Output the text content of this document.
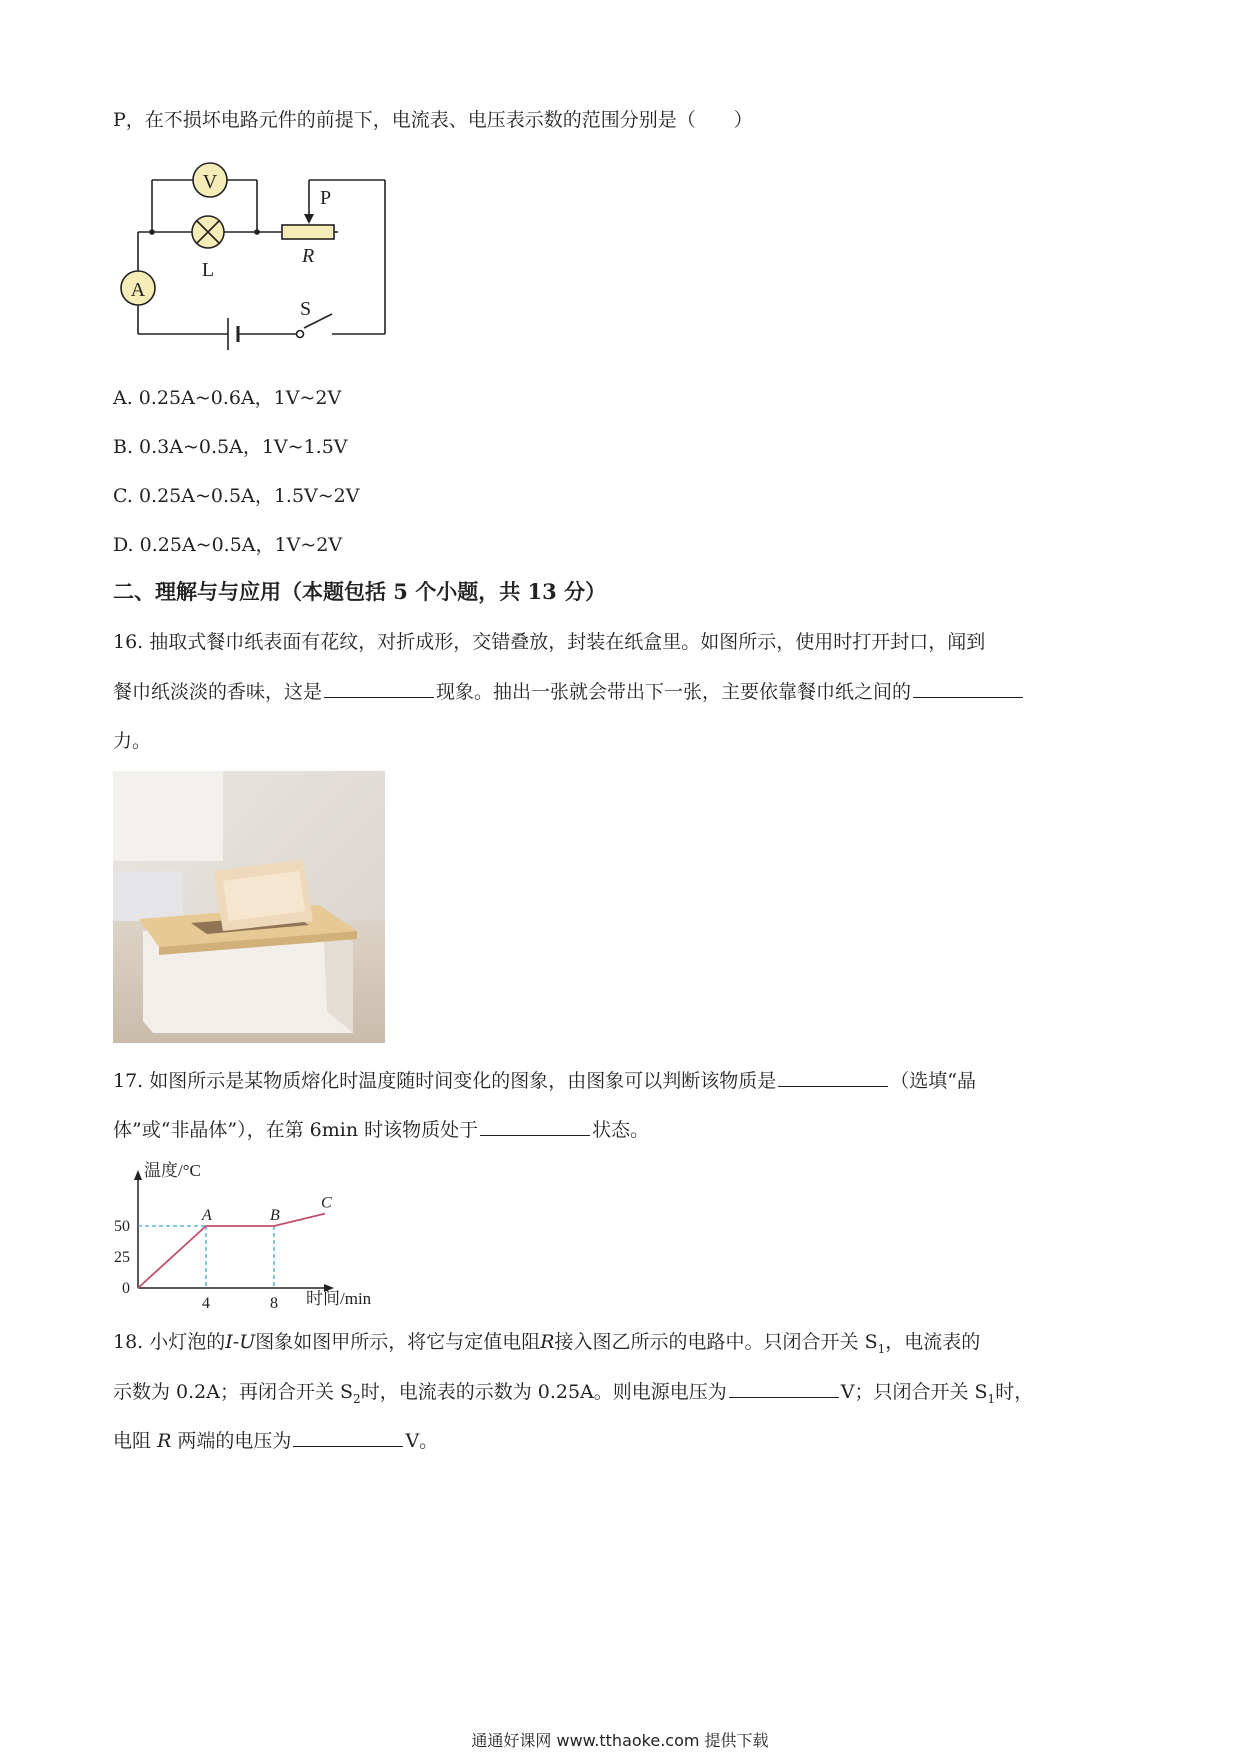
P，在不损坏电路元件的前提下，电流表、电压表示数的范围分别是（　　）
V
L
P
R
A
S
A. 0.25A~0.6A，1V~2V
B. 0.3A~0.5A，1V~1.5V
C. 0.25A~0.5A，1.5V~2V
D. 0.25A~0.5A，1V~2V
二、理解与与应用（本题包括 5 个小题，共 13 分）
16. 抽取式餐巾纸表面有花纹，对折成形，交错叠放，封装在纸盒里。如图所示，使用时打开封口，闻到
餐巾纸淡淡的香味，这是	现象。抽出一张就会带出下一张，主要依靠餐巾纸之间的
力。
17. 如图所示是某物质熔化时温度随时间变化的图象，由图象可以判断该物质是	（选填“晶
体”或“非晶体”），在第 6min 时该物质处于	状态。
温度/°C
时间/min
A	B
C
0
25
50
4	8
18. 小灯泡的I-U图象如图甲所示，将它与定值电阻R接入图乙所示的电路中。只闭合开关 $S_1$，电流表的
示数为 0.2A；再闭合开关 $S_2$时，电流表的示数为 0.25A。则电源电压为	V；只闭合开关 $S_1$时，
电阻 R 两端的电压为	V。
通通好课网 www.tthaoke.com 提供下载
